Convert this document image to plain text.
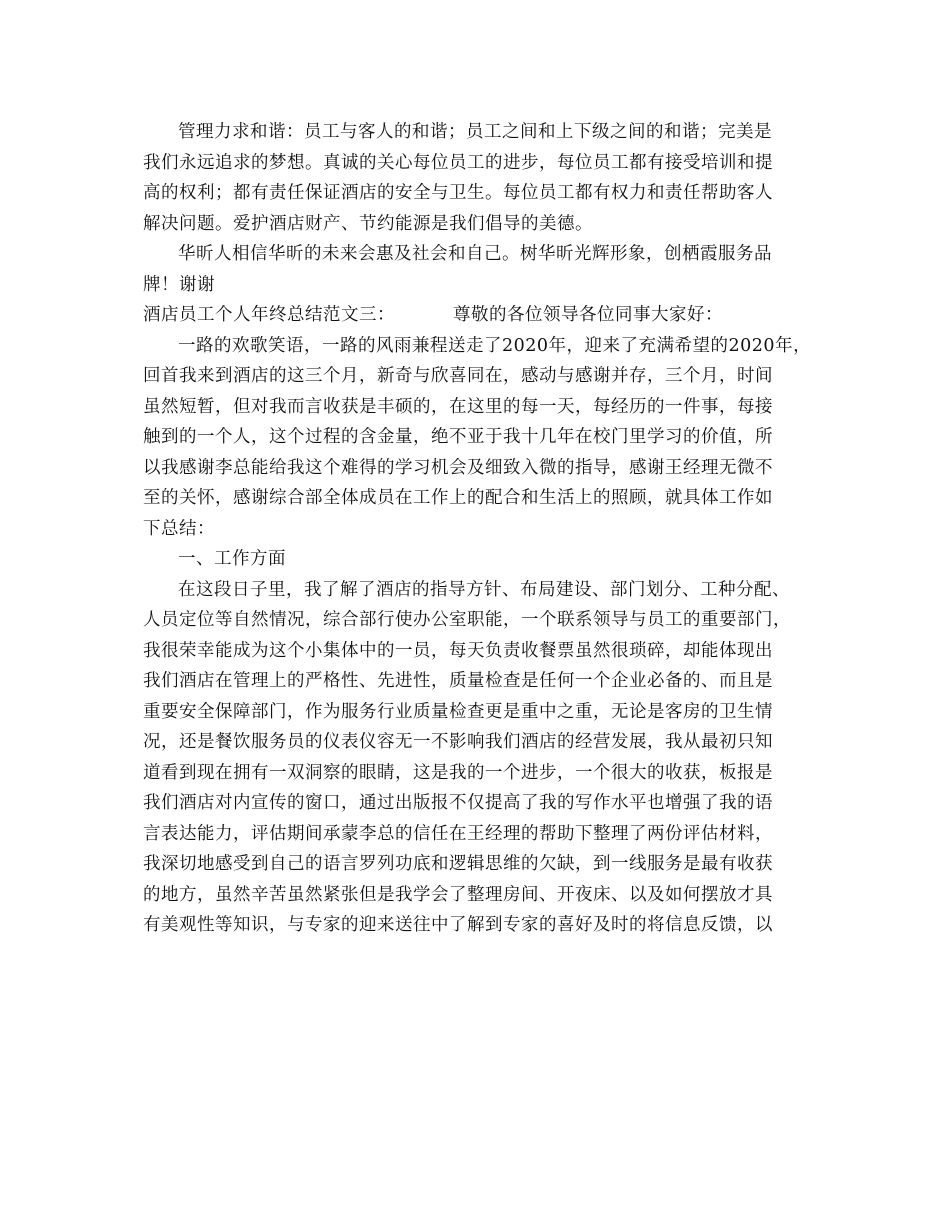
管理力求和谐：员工与客人的和谐；员工之间和上下级之间的和谐；完美是
我们永远追求的梦想。真诚的关心每位员工的进步，每位员工都有接受培训和提
高的权利；都有责任保证酒店的安全与卫生。每位员工都有权力和责任帮助客人
解决问题。爱护酒店财产、节约能源是我们倡导的美德。
华昕人相信华昕的未来会惠及社会和自己。树华昕光辉形象，创栖霞服务品
牌！谢谢
酒店员工个人年终总结范文三：	尊敬的各位领导各位同事大家好：
一路的欢歌笑语，一路的风雨兼程送走了2020年，迎来了充满希望的2020年，
回首我来到酒店的这三个月，新奇与欣喜同在，感动与感谢并存，三个月，时间
虽然短暂，但对我而言收获是丰硕的，在这里的每一天，每经历的一件事，每接
触到的一个人，这个过程的含金量，绝不亚于我十几年在校门里学习的价值，所
以我感谢李总能给我这个难得的学习机会及细致入微的指导，感谢王经理无微不
至的关怀，感谢综合部全体成员在工作上的配合和生活上的照顾，就具体工作如
下总结：
一、工作方面
在这段日子里，我了解了酒店的指导方针、布局建设、部门划分、工种分配、
人员定位等自然情况，综合部行使办公室职能，一个联系领导与员工的重要部门，
我很荣幸能成为这个小集体中的一员，每天负责收餐票虽然很琐碎，却能体现出
我们酒店在管理上的严格性、先进性，质量检查是任何一个企业必备的、而且是
重要安全保障部门，作为服务行业质量检查更是重中之重，无论是客房的卫生情
况，还是餐饮服务员的仪表仪容无一不影响我们酒店的经营发展，我从最初只知
道看到现在拥有一双洞察的眼睛，这是我的一个进步，一个很大的收获，板报是
我们酒店对内宣传的窗口，通过出版报不仅提高了我的写作水平也增强了我的语
言表达能力，评估期间承蒙李总的信任在王经理的帮助下整理了两份评估材料，
我深切地感受到自己的语言罗列功底和逻辑思维的欠缺，到一线服务是最有收获
的地方，虽然辛苦虽然紧张但是我学会了整理房间、开夜床、以及如何摆放才具
有美观性等知识，与专家的迎来送往中了解到专家的喜好及时的将信息反馈，以
